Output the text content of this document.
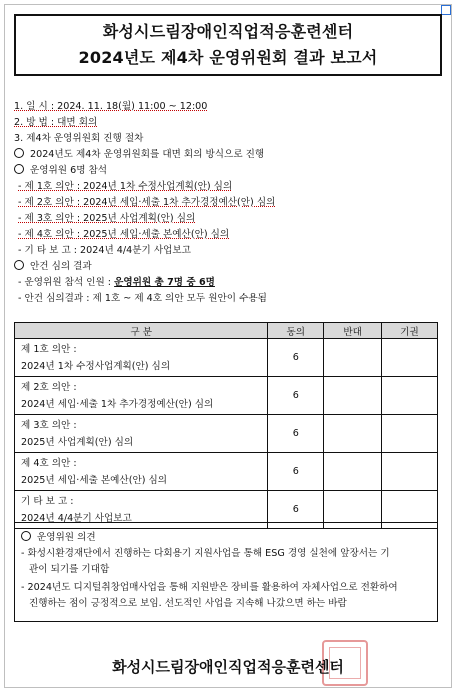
화성시드림장애인직업적응훈련센터
2024년도 제4차 운영위원회 결과 보고서
1. 일 시 : 2024. 11. 18(월) 11:00 ~ 12:00
2. 방 법 : 대면 회의
3. 제4차 운영위원회 진행 절차
2024년도 제4차 운영위원회를 대면 회의 방식으로 진행
운영위원 6명 참석
- 제 1호 의안 : 2024년 1차 수정사업계획(안) 심의
- 제 2호 의안 : 2024년 세입·세출 1차 추가경정예산(안) 심의
- 제 3호 의안 : 2025년 사업계획(안) 심의
- 제 4호 의안 : 2025년 세입·세출 본예산(안) 심의
- 기 타 보 고 : 2024년 4/4분기 사업보고
안건 심의 결과
- 운영위원 참석 인원 : 운영위원 총 7명 중 6명
- 안건 심의결과 : 제 1호 ~ 제 4호 의안 모두 원안이 수용됨
구 분	동의	반대	기권

제 1호 의안 :
2024년 1차 수정사업계획(안) 심의	6		

제 2호 의안 :
2024년 세입·세출 1차 추가경정예산(안) 심의	6		

제 3호 의안 :
2025년 사업계획(안) 심의	6		

제 4호 의안 :
2025년 세입·세출 본예산(안) 심의	6		

기 타 보 고 :
2024년 4/4분기 사업보고	6		
운영위원 의견
- 화성시환경재단에서 진행하는 다회용기 지원사업을 통해 ESG 경영 실천에 앞장서는 기
관이 되기를 기대함
- 2024년도 디지털취창업매사업을 통해 지원받은 장비를 활용하여 자체사업으로 전환하여
진행하는 점이 긍정적으로 보임. 선도적인 사업을 지속해 나갔으면 하는 바람
화성시드림장애인직업적응훈련센터
